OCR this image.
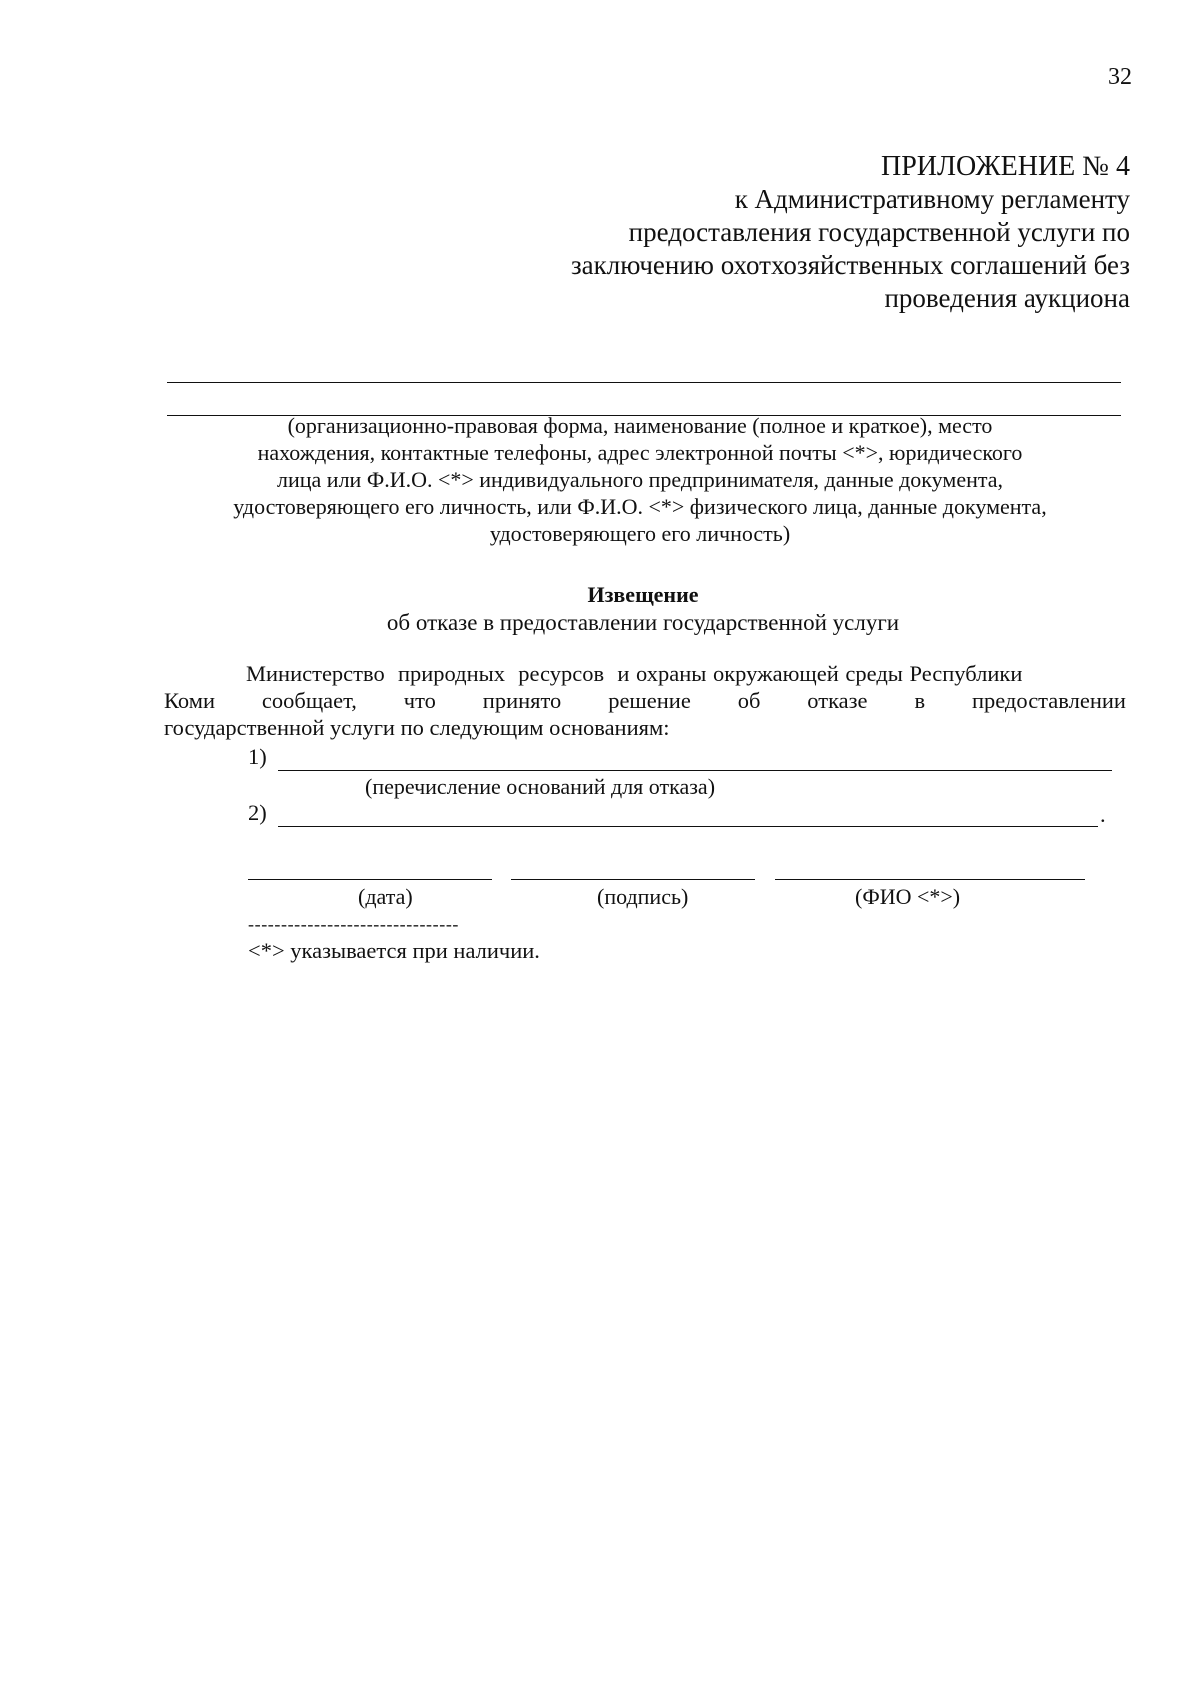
32
ПРИЛОЖЕНИЕ № 4
к Административному регламенту
предоставления государственной услуги по
заключению охотхозяйственных соглашений без
проведения аукциона
(организационно-правовая форма, наименование (полное и краткое), место
нахождения, контактные телефоны, адрес электронной почты <*>, юридического
лица или Ф.И.О. <*> индивидуального предпринимателя, данные документа,
удостоверяющего его личность, или Ф.И.О. <*> физического лица, данные документа,
удостоверяющего его личность)
Извещение
об отказе в предоставлении государственной услуги
Министерство  природных  ресурсов  и охраны окружающей среды Республики
Коми сообщает, что принято решение об отказе в предоставлении
государственной услуги по следующим основаниям:
1)
(перечисление оснований для отказа)
2)	.
(дата)	(подпись)	(ФИО <*>)
--------------------------------
<*> указывается при наличии.
